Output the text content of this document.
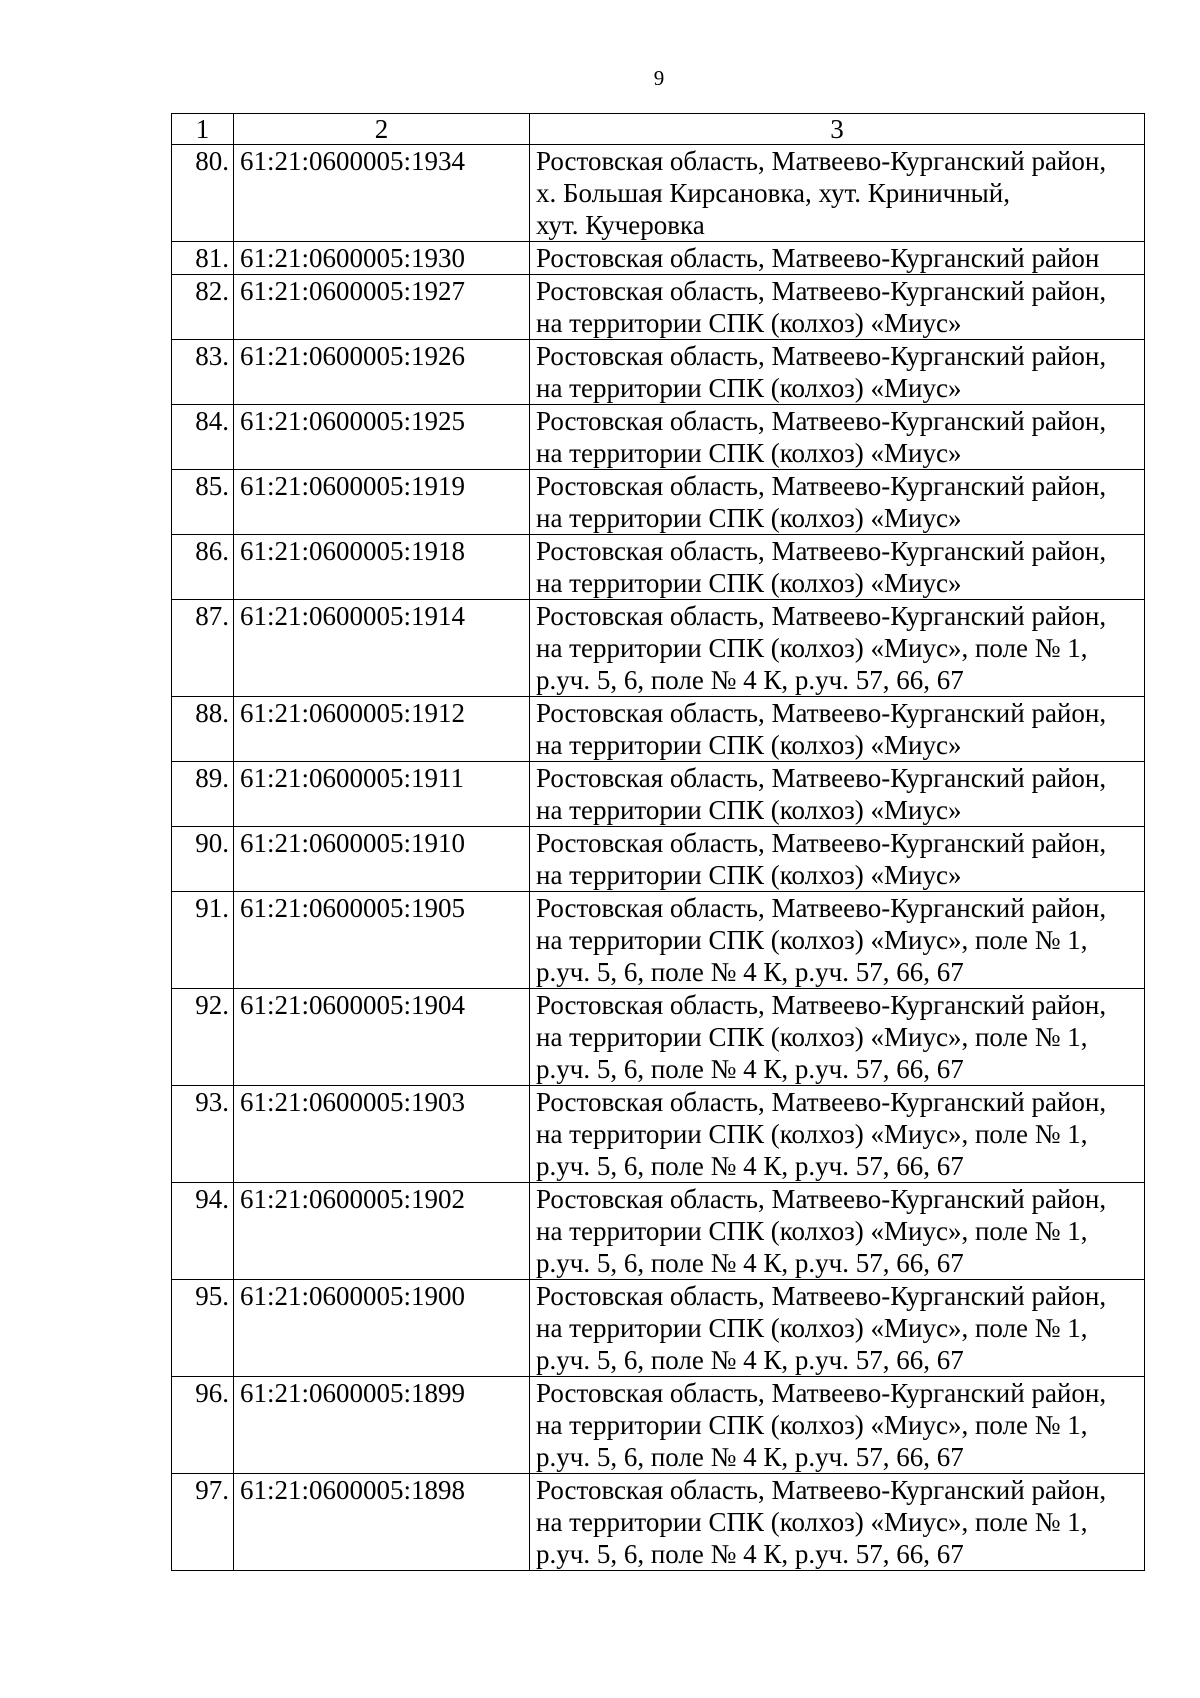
9
1	2	3
80.	61:21:0600005:1934	Ростовская область, Матвеево-Курганский район,
х. Большая Кирсановка, хут. Криничный,
хут. Кучеровка

81.	61:21:0600005:1930	Ростовская область, Матвеево-Курганский район

82.	61:21:0600005:1927	Ростовская область, Матвеево-Курганский район,
на территории СПК (колхоз) «Миус»

83.	61:21:0600005:1926	Ростовская область, Матвеево-Курганский район,
на территории СПК (колхоз) «Миус»

84.	61:21:0600005:1925	Ростовская область, Матвеево-Курганский район,
на территории СПК (колхоз) «Миус»

85.	61:21:0600005:1919	Ростовская область, Матвеево-Курганский район,
на территории СПК (колхоз) «Миус»

86.	61:21:0600005:1918	Ростовская область, Матвеево-Курганский район,
на территории СПК (колхоз) «Миус»

87.	61:21:0600005:1914	Ростовская область, Матвеево-Курганский район,
на территории СПК (колхоз) «Миус», поле № 1,
р.уч. 5, 6, поле № 4 К, р.уч. 57, 66, 67

88.	61:21:0600005:1912	Ростовская область, Матвеево-Курганский район,
на территории СПК (колхоз) «Миус»

89.	61:21:0600005:1911	Ростовская область, Матвеево-Курганский район,
на территории СПК (колхоз) «Миус»

90.	61:21:0600005:1910	Ростовская область, Матвеево-Курганский район,
на территории СПК (колхоз) «Миус»

91.	61:21:0600005:1905	Ростовская область, Матвеево-Курганский район,
на территории СПК (колхоз) «Миус», поле № 1,
р.уч. 5, 6, поле № 4 К, р.уч. 57, 66, 67

92.	61:21:0600005:1904	Ростовская область, Матвеево-Курганский район,
на территории СПК (колхоз) «Миус», поле № 1,
р.уч. 5, 6, поле № 4 К, р.уч. 57, 66, 67

93.	61:21:0600005:1903	Ростовская область, Матвеево-Курганский район,
на территории СПК (колхоз) «Миус», поле № 1,
р.уч. 5, 6, поле № 4 К, р.уч. 57, 66, 67

94.	61:21:0600005:1902	Ростовская область, Матвеево-Курганский район,
на территории СПК (колхоз) «Миус», поле № 1,
р.уч. 5, 6, поле № 4 К, р.уч. 57, 66, 67

95.	61:21:0600005:1900	Ростовская область, Матвеево-Курганский район,
на территории СПК (колхоз) «Миус», поле № 1,
р.уч. 5, 6, поле № 4 К, р.уч. 57, 66, 67

96.	61:21:0600005:1899	Ростовская область, Матвеево-Курганский район,
на территории СПК (колхоз) «Миус», поле № 1,
р.уч. 5, 6, поле № 4 К, р.уч. 57, 66, 67

97.	61:21:0600005:1898	Ростовская область, Матвеево-Курганский район,
на территории СПК (колхоз) «Миус», поле № 1,
р.уч. 5, 6, поле № 4 К, р.уч. 57, 66, 67
